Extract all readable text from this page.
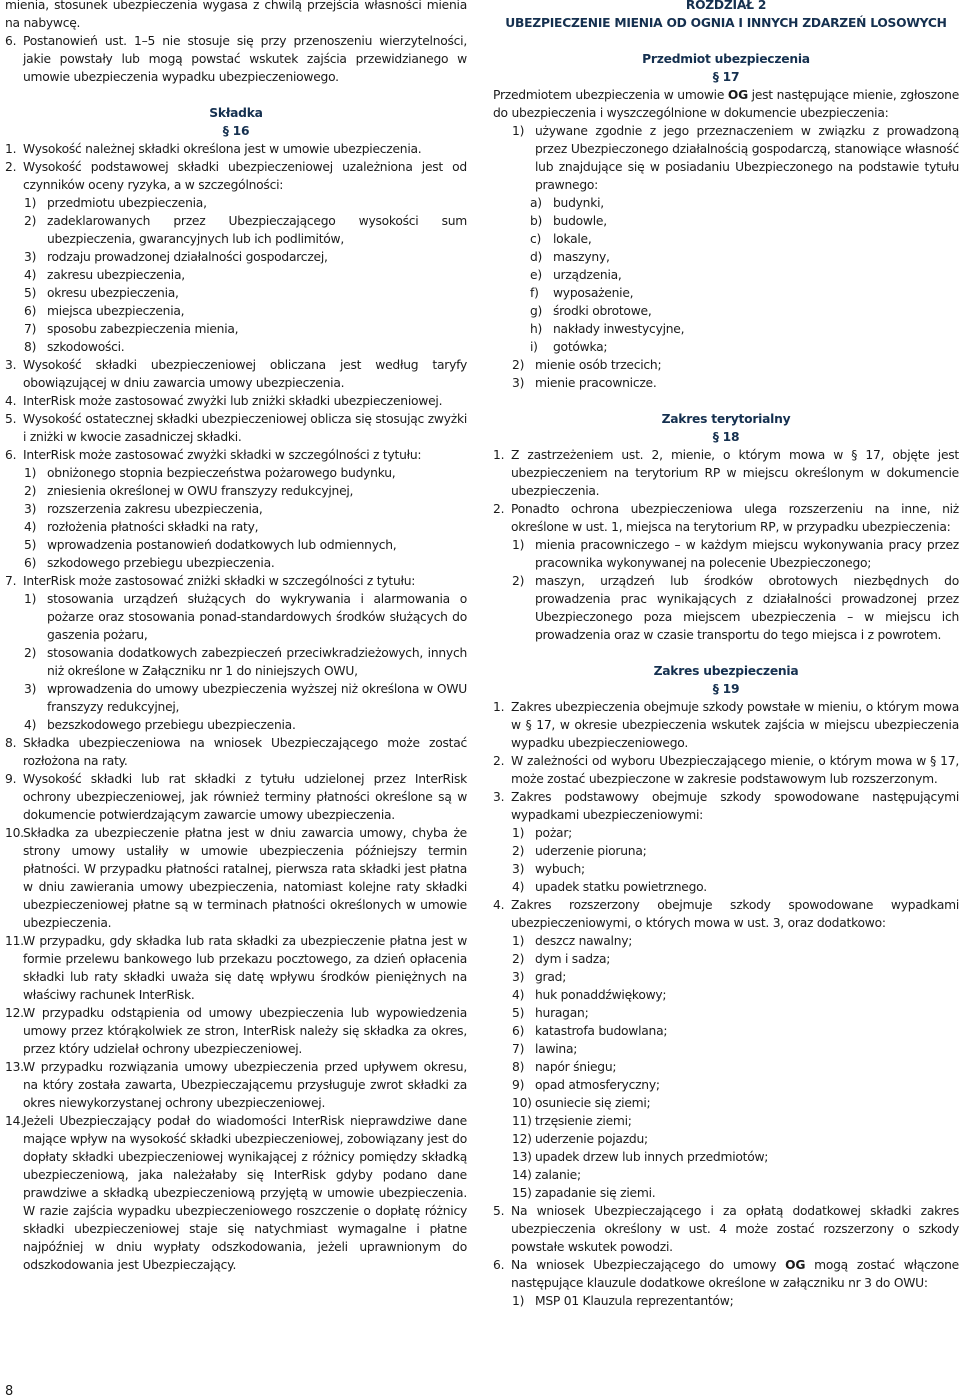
mienia, stosunek ubezpieczenia wygasa z chwilą przejścia własności mienia na nabywcę.
6. Postanowień ust. 1–5 nie stosuje się przy przenoszeniu wierzytelności, jakie powstały lub mogą powstać wskutek zajścia przewidzianego w umowie ubezpieczenia wypadku ubezpieczeniowego.
Składka
§ 16
1. Wysokość należnej składki określona jest w umowie ubezpieczenia.
2. Wysokość podstawowej składki ubezpieczeniowej uzależniona jest od czynników oceny ryzyka, a w szczególności:
1) przedmiotu ubezpieczenia,
2) zadeklarowanych przez Ubezpieczającego wysokości sum ubezpieczenia, gwarancyjnych lub ich podlimitów,
3) rodzaju prowadzonej działalności gospodarczej,
4) zakresu ubezpieczenia,
5) okresu ubezpieczenia,
6) miejsca ubezpieczenia,
7) sposobu zabezpieczenia mienia,
8) szkodowości.
3. Wysokość składki ubezpieczeniowej obliczana jest według taryfy obowiązującej w dniu zawarcia umowy ubezpieczenia.
4. InterRisk może zastosować zwyżki lub zniżki składki ubezpieczeniowej.
5. Wysokość ostatecznej składki ubezpieczeniowej oblicza się stosując zwyżki i zniżki w kwocie zasadniczej składki.
6. InterRisk może zastosować zwyżki składki w szczególności z tytułu:
1) obniżonego stopnia bezpieczeństwa pożarowego budynku,
2) zniesienia określonej w OWU franszyzy redukcyjnej,
3) rozszerzenia zakresu ubezpieczenia,
4) rozłożenia płatności składki na raty,
5) wprowadzenia postanowień dodatkowych lub odmiennych,
6) szkodowego przebiegu ubezpieczenia.
7. InterRisk może zastosować zniżki składki w szczególności z tytułu:
1) stosowania urządzeń służących do wykrywania i alarmowania o pożarze oraz stosowania ponad-standardowych środków służących do gaszenia pożaru,
2) stosowania dodatkowych zabezpieczeń przeciwkradzieżowych, innych niż określone w Załączniku nr 1 do niniejszych OWU,
3) wprowadzenia do umowy ubezpieczenia wyższej niż określona w OWU franszyzy redukcyjnej,
4) bezszkodowego przebiegu ubezpieczenia.
8. Składka ubezpieczeniowa na wniosek Ubezpieczającego może zostać rozłożona na raty.
9. Wysokość składki lub rat składki z tytułu udzielonej przez InterRisk ochrony ubezpieczeniowej, jak również terminy płatności określone są w dokumencie potwierdzającym zawarcie umowy ubezpieczenia.
10. Składka za ubezpieczenie płatna jest w dniu zawarcia umowy, chyba że strony umowy ustaliły w umowie ubezpieczenia późniejszy termin płatności. W przypadku płatności ratalnej, pierwsza rata składki jest płatna w dniu zawierania umowy ubezpieczenia, natomiast kolejne raty składki ubezpieczeniowej płatne są w terminach płatności określonych w umowie ubezpieczenia.
11. W przypadku, gdy składka lub rata składki za ubezpieczenie płatna jest w formie przelewu bankowego lub przekazu pocztowego, za dzień opłacenia składki lub raty składki uważa się datę wpływu środków pieniężnych na właściwy rachunek InterRisk.
12. W przypadku odstąpienia od umowy ubezpieczenia lub wypowiedzenia umowy przez którąkolwiek ze stron, InterRisk należy się składka za okres, przez który udzielał ochrony ubezpieczeniowej.
13. W przypadku rozwiązania umowy ubezpieczenia przed upływem okresu, na który została zawarta, Ubezpieczającemu przysługuje zwrot składki za okres niewykorzystanej ochrony ubezpieczeniowej.
14. Jeżeli Ubezpieczający podał do wiadomości InterRisk nieprawdziwe dane mające wpływ na wysokość składki ubezpieczeniowej, zobowiązany jest do dopłaty składki ubezpieczeniowej wynikającej z różnicy pomiędzy składką ubezpieczeniową, jaka należałaby się InterRisk gdyby podano dane prawdziwe a składką ubezpieczeniową przyjętą w umowie ubezpieczenia. W razie zajścia wypadku ubezpieczeniowego roszczenie o dopłatę różnicy składki ubezpieczeniowej staje się natychmiast wymagalne i płatne najpóźniej w dniu wypłaty odszkodowania, jeżeli uprawnionym do odszkodowania jest Ubezpieczający.
ROZDZIAŁ 2
UBEZPIECZENIE MIENIA OD OGNIA I INNYCH ZDARZEŃ LOSOWYCH
Przedmiot ubezpieczenia
§ 17
Przedmiotem ubezpieczenia w umowie OG jest następujące mienie, zgłoszone do ubezpieczenia i wyszczególnione w dokumencie ubezpieczenia:
1) używane zgodnie z jego przeznaczeniem w związku z prowadzoną przez Ubezpieczonego działalnością gospodarczą, stanowiące własność lub znajdujące się w posiadaniu Ubezpieczonego na podstawie tytułu prawnego:
a) budynki,
b) budowle,
c) lokale,
d) maszyny,
e) urządzenia,
f)	wyposażenie,
g) środki obrotowe,
h) nakłady inwestycyjne,
i)	gotówka;
2) mienie osób trzecich;
3) mienie pracownicze.
Zakres terytorialny
§ 18
1. Z zastrzeżeniem ust. 2, mienie, o którym mowa w § 17, objęte jest ubezpieczeniem na terytorium RP w miejscu określonym w dokumencie ubezpieczenia.
2. Ponadto ochrona ubezpieczeniowa ulega rozszerzeniu na inne, niż określone w ust. 1, miejsca na terytorium RP, w przypadku ubezpieczenia:
1) mienia pracowniczego – w każdym miejscu wykonywania pracy przez pracownika wykonywanej na polecenie Ubezpieczonego;
2) maszyn, urządzeń lub środków obrotowych niezbędnych do prowadzenia prac wynikających z działalności prowadzonej przez Ubezpieczonego poza miejscem ubezpieczenia – w miejscu ich prowadzenia oraz w czasie transportu do tego miejsca i z powrotem.
Zakres ubezpieczenia
§ 19
1. Zakres ubezpieczenia obejmuje szkody powstałe w mieniu, o którym mowa w § 17, w okresie ubezpieczenia wskutek zajścia w miejscu ubezpieczenia wypadku ubezpieczeniowego.
2. W zależności od wyboru Ubezpieczającego mienie, o którym mowa w § 17, może zostać ubezpieczone w zakresie podstawowym lub rozszerzonym.
3. Zakres podstawowy obejmuje szkody spowodowane następującymi wypadkami ubezpieczeniowymi:
1) pożar;
2) uderzenie pioruna;
3) wybuch;
4) upadek statku powietrznego.
4. Zakres rozszerzony obejmuje szkody spowodowane wypadkami ubezpieczeniowymi, o których mowa w ust. 3, oraz dodatkowo:
1) deszcz nawalny;
2) dym i sadza;
3) grad;
4) huk ponaddźwiękowy;
5) huragan;
6) katastrofa budowlana;
7) lawina;
8) napór śniegu;
9) opad atmosferyczny;
10) osuniecie się ziemi;
11) trzęsienie ziemi;
12) uderzenie pojazdu;
13) upadek drzew lub innych przedmiotów;
14) zalanie;
15) zapadanie się ziemi.
5. Na wniosek Ubezpieczającego i za opłatą dodatkowej składki zakres ubezpieczenia określony w ust. 4 może zostać rozszerzony o szkody powstałe wskutek powodzi.
6. Na wniosek Ubezpieczającego do umowy OG mogą zostać włączone następujące klauzule dodatkowe określone w załączniku nr 3 do OWU:
1) MSP 01 Klauzula reprezentantów;
8
